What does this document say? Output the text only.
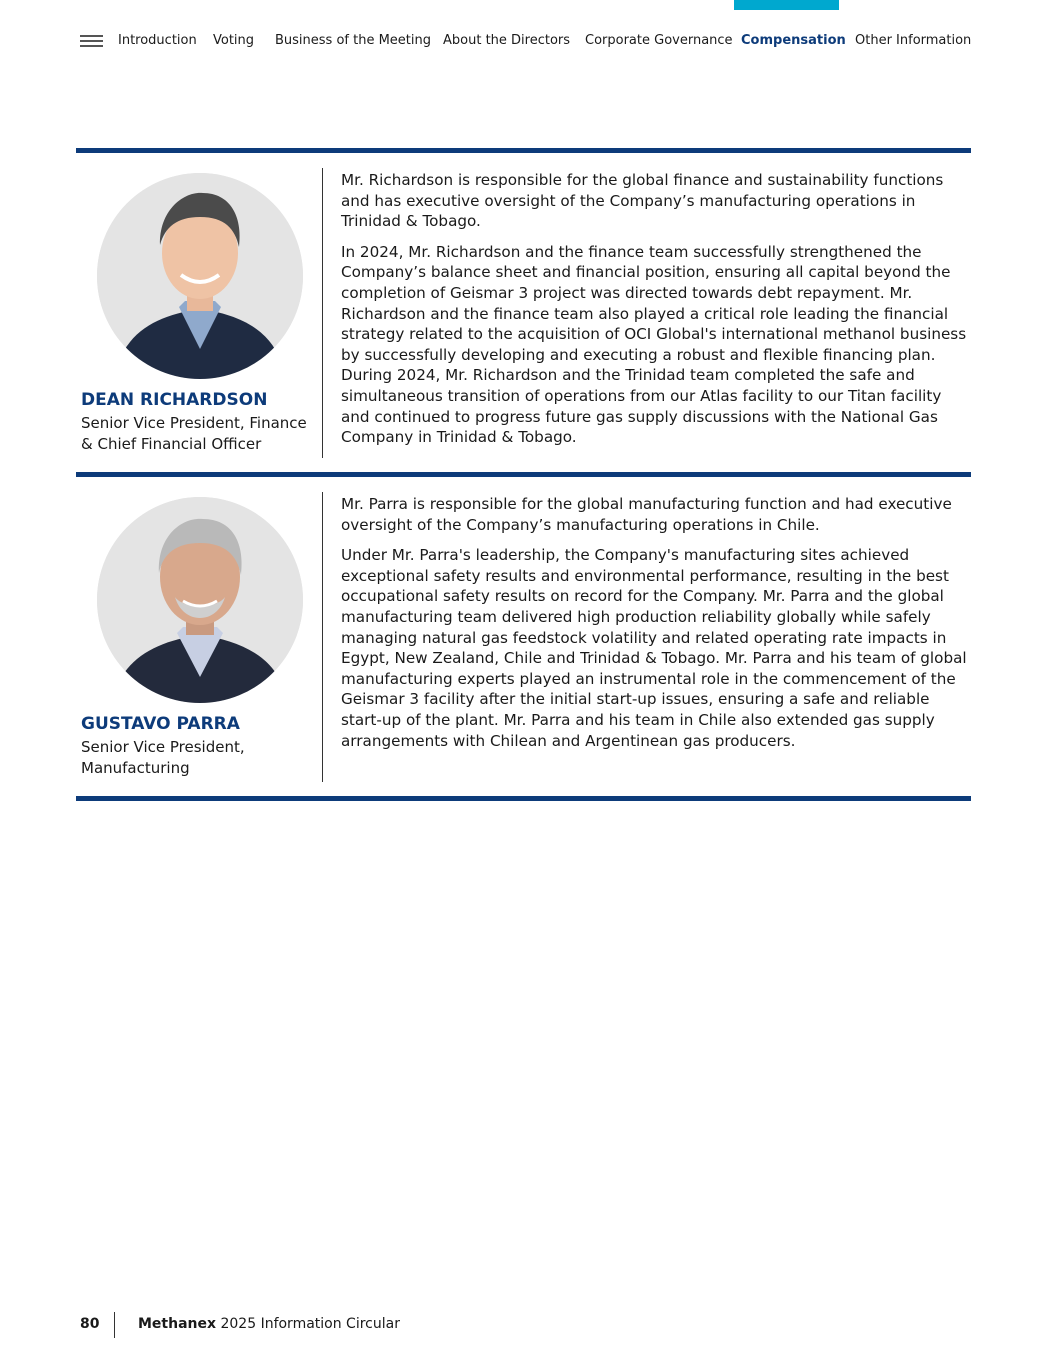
Introduction Voting Business of the Meeting About the Directors Corporate Governance Compensation Other Information
DEAN RICHARDSON
Senior Vice President, Finance & Chief Financial Officer

Mr. Richardson is responsible for the global finance and sustainability functions and has executive oversight of the Company’s manufacturing operations in Trinidad & Tobago.

In 2024, Mr. Richardson and the finance team successfully strengthened the Company’s balance sheet and financial position, ensuring all capital beyond the completion of Geismar 3 project was directed towards debt repayment. Mr. Richardson and the finance team also played a critical role leading the financial strategy related to the acquisition of OCI Global's international methanol business by successfully developing and executing a robust and flexible financing plan. During 2024, Mr. Richardson and the Trinidad team completed the safe and simultaneous transition of operations from our Atlas facility to our Titan facility and continued to progress future gas supply discussions with the National Gas Company in Trinidad & Tobago.

GUSTAVO PARRA
Senior Vice President, Manufacturing

Mr. Parra is responsible for the global manufacturing function and had executive oversight of the Company’s manufacturing operations in Chile.

Under Mr. Parra's leadership, the Company's manufacturing sites achieved exceptional safety results and environmental performance, resulting in the best occupational safety results on record for the Company. Mr. Parra and the global manufacturing team delivered high production reliability globally while safely managing natural gas feedstock volatility and related operating rate impacts in Egypt, New Zealand, Chile and Trinidad & Tobago. Mr. Parra and his team of global manufacturing experts played an instrumental role in the commencement of the Geismar 3 facility after the initial start-up issues, ensuring a safe and reliable start-up of the plant. Mr. Parra and his team in Chile also extended gas supply arrangements with Chilean and Argentinean gas producers.

80	Methanex 2025 Information Circular
